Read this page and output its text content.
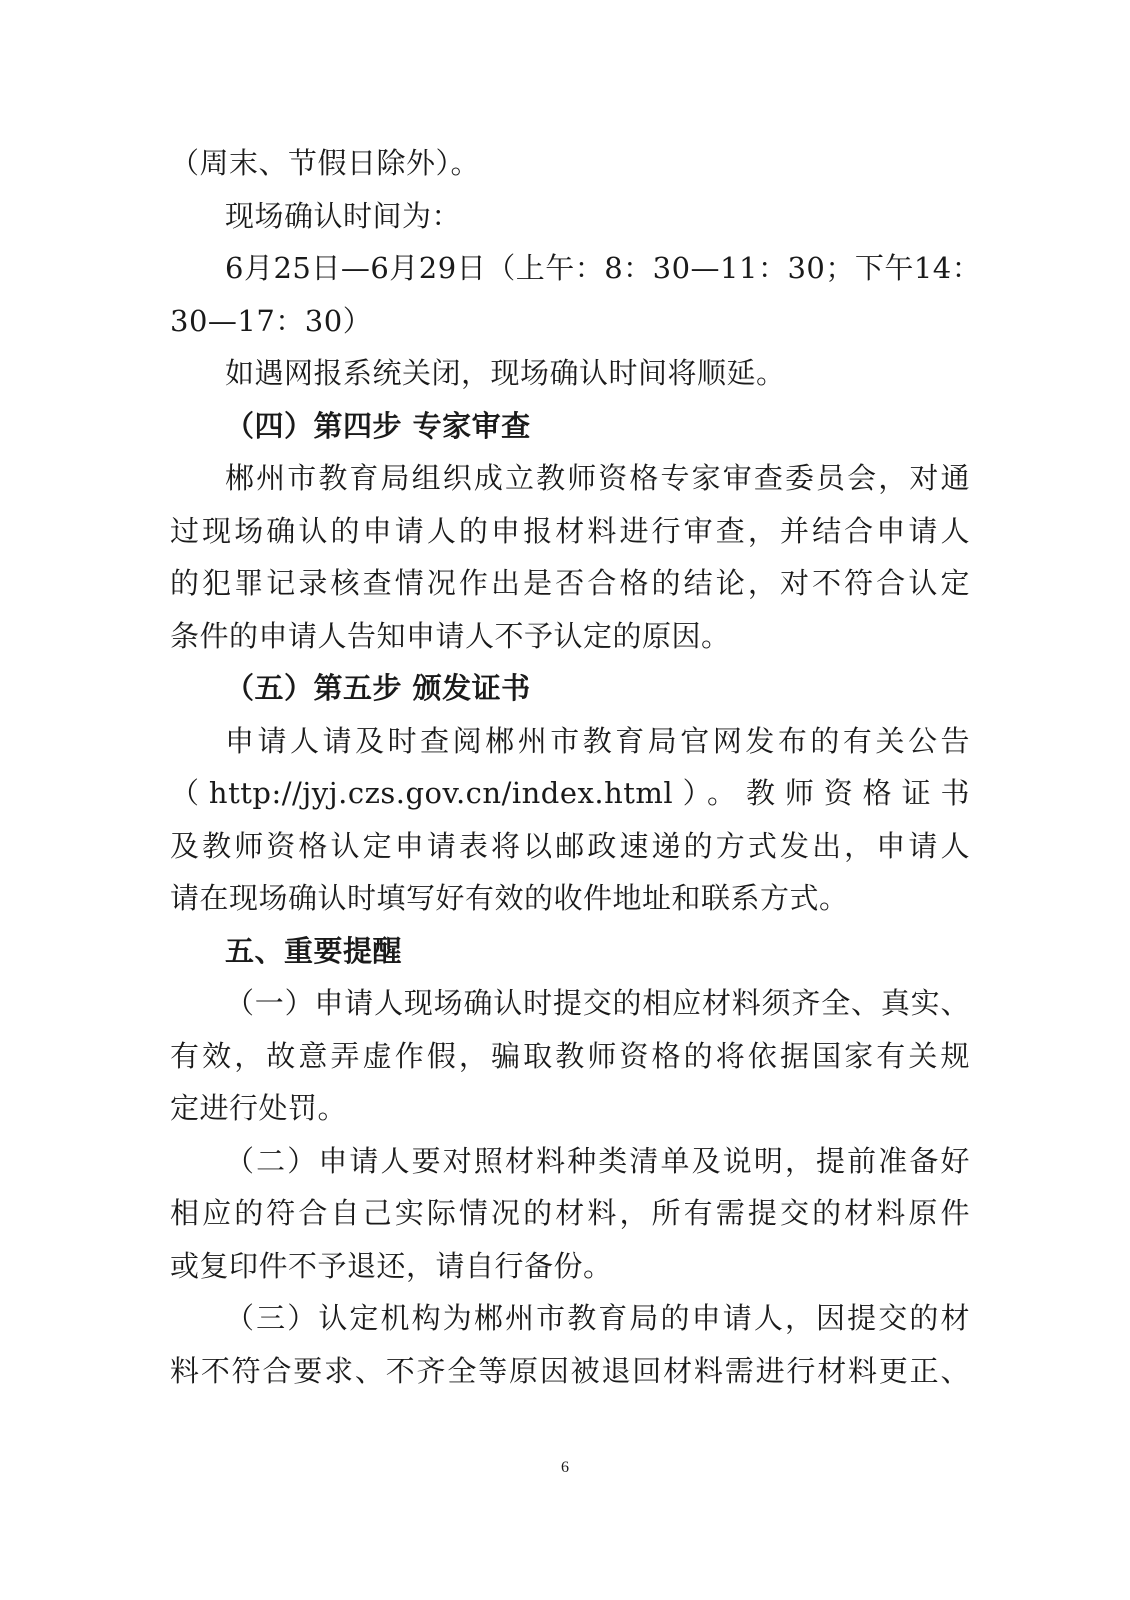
（周末、节假日除外）。
现场确认时间为：
6月25日—6月29日（上午：8：30—11：30；下午14：
30—17：30）
如遇网报系统关闭，现场确认时间将顺延。
（四）第四步 专家审查
郴州市教育局组织成立教师资格专家审查委员会，对通
过现场确认的申请人的申报材料进行审查，并结合申请人
的犯罪记录核查情况作出是否合格的结论，对不符合认定
条件的申请人告知申请人不予认定的原因。
（五）第五步 颁发证书
申请人请及时查阅郴州市教育局官网发布的有关公告
（http://jyj.czs.gov.cn/index.html）。教师资格证书
及教师资格认定申请表将以邮政速递的方式发出，申请人
请在现场确认时填写好有效的收件地址和联系方式。
五、重要提醒
（一）申请人现场确认时提交的相应材料须齐全、真实、
有效，故意弄虚作假，骗取教师资格的将依据国家有关规
定进行处罚。
（二）申请人要对照材料种类清单及说明，提前准备好
相应的符合自己实际情况的材料，所有需提交的材料原件
或复印件不予退还，请自行备份。
（三）认定机构为郴州市教育局的申请人，因提交的材
料不符合要求、不齐全等原因被退回材料需进行材料更正、
6
